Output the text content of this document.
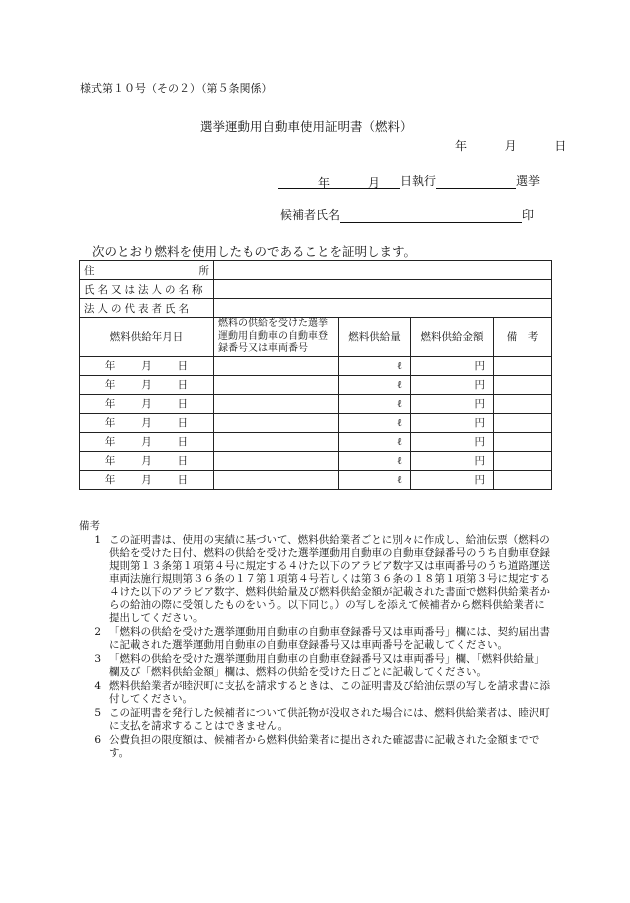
様式第１０号（その２）（第５条関係）
選挙運動用自動車使用証明書（燃料）
年	月	日
年	月 日執行	選挙
候補者氏名	印
次のとおり燃料を使用したものであることを証明します。
住 所				

氏名又は法人の名称				
法人の代表者氏名				
燃料供給年月日	燃料の供給を受けた選挙運動用自動車の自動車登録番号又は車両番号	燃料供給量	燃料供給金額	備　考

年 月 日		ℓ	円	

年 月 日		ℓ	円	

年 月 日		ℓ	円	

年 月 日		ℓ	円	

年 月 日		ℓ	円	

年 月 日		ℓ	円	

年 月 日		ℓ	円	
備考
1 この証明書は、使用の実績に基づいて、燃料供給業者ごとに別々に作成し、給油伝票（燃料の供給を受けた日付、燃料の供給を受けた選挙運動用自動車の自動車登録番号のうち自動車登録規則第１３条第１項第４号に規定する４けた以下のアラビア数字又は車両番号のうち道路運送車両法施行規則第３６条の１７第１項第４号若しくは第３６条の１８第１項第３号に規定する４けた以下のアラビア数字、燃料供給量及び燃料供給金額が記載された書面で燃料供給業者からの給油の際に受領したものをいう。以下同じ。）の写しを添えて候補者から燃料供給業者に提出してください。
2 「燃料の供給を受けた選挙運動用自動車の自動車登録番号又は車両番号」欄には、契約届出書に記載された選挙運動用自動車の自動車登録番号又は車両番号を記載してください。
3 「燃料の供給を受けた選挙運動用自動車の自動車登録番号又は車両番号」欄、「燃料供給量」欄及び「燃料供給金額」欄は、燃料の供給を受けた日ごとに記載してください。
4 燃料供給業者が睦沢町に支払を請求するときは、この証明書及び給油伝票の写しを請求書に添付してください。
5 この証明書を発行した候補者について供託物が没収された場合には、燃料供給業者は、睦沢町に支払を請求することはできません。
6 公費負担の限度額は、候補者から燃料供給業者に提出された確認書に記載された金額までです。
